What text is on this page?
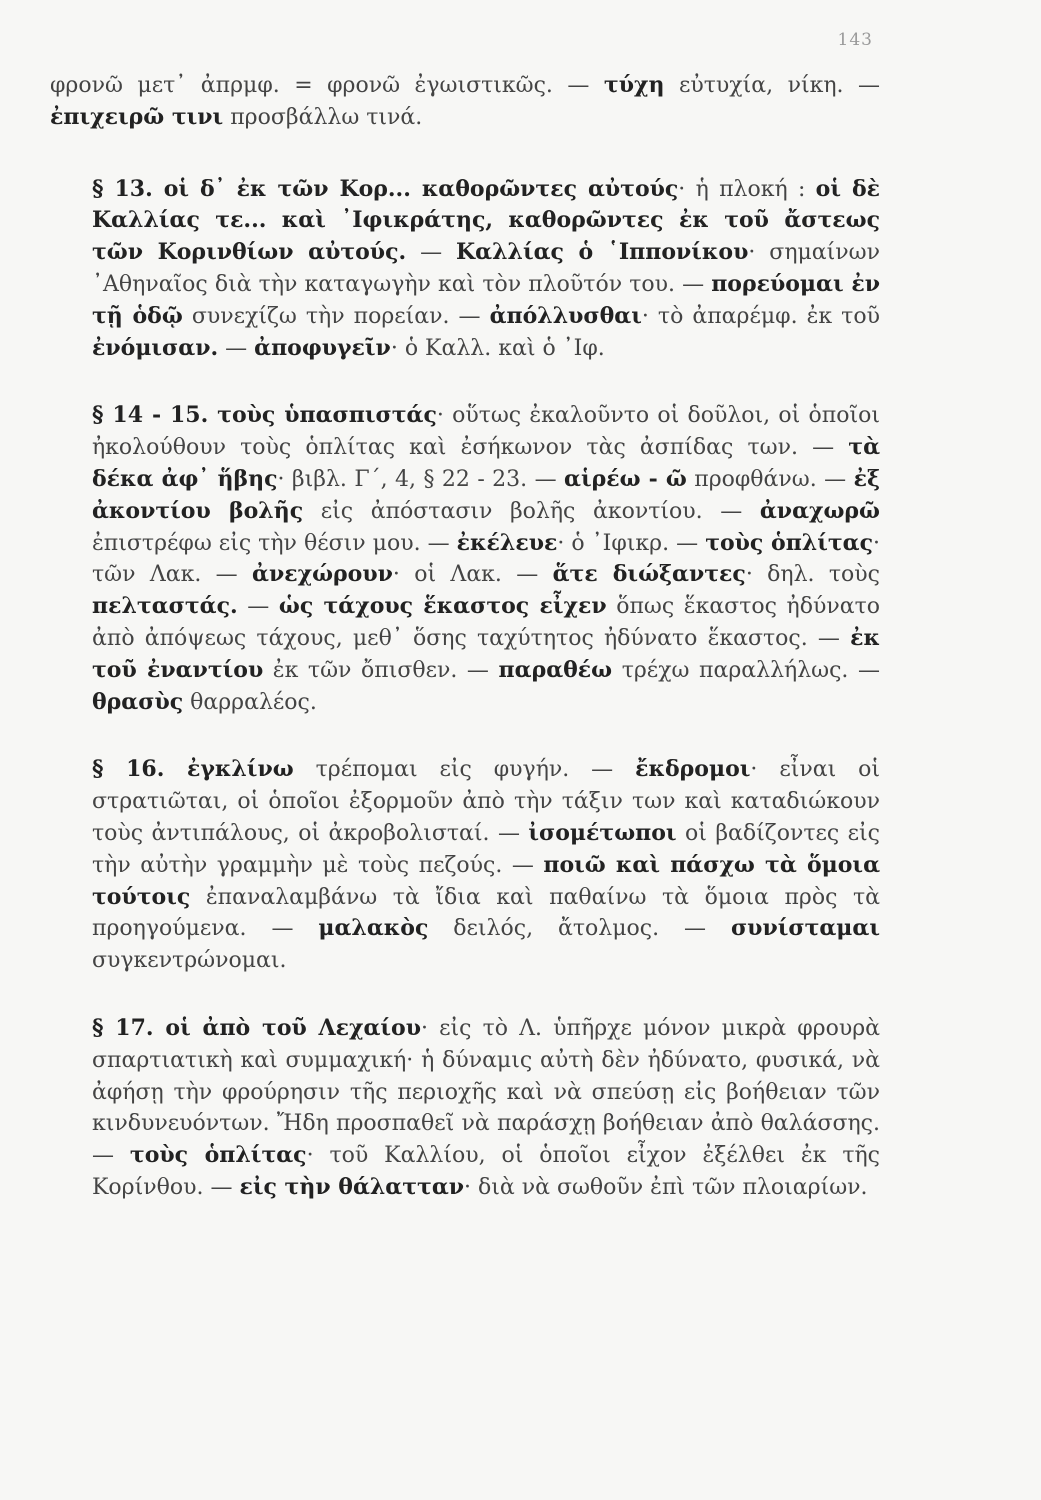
143

φρονῶ μετ᾿ ἀπρμφ. = φρονῶ ἐγωιστικῶς. — τύχη εὐτυχία, νίκη. — ἐπιχειρῶ τινι προσβάλλω τινά.

§ 13. οἱ δ᾿ ἐκ τῶν Κορ... καθορῶντες αὐτούς· ἡ πλοκή : οἱ δὲ Καλλίας τε... καὶ ᾿Ιφικράτης, καθορῶντες ἐκ τοῦ ἄστεως τῶν Κορινθίων αὐτούς. — Καλλίας ὁ ῾Ιππονίκου· σημαίνων ᾿Αθηναῖος διὰ τὴν καταγωγὴν καὶ τὸν πλοῦτόν του. — πορεύομαι ἐν τῇ ὁδῷ συνεχίζω τὴν πορείαν. — ἀπόλλυσθαι· τὸ ἀπαρέμφ. ἐκ τοῦ ἐνόμισαν. — ἀποφυγεῖν· ὁ Καλλ. καὶ ὁ ᾿Ιφ.

§ 14 - 15. τοὺς ὑπασπιστάς· οὕτως ἐκαλοῦντο οἱ δοῦλοι, οἱ ὁποῖοι ἠκολούθουν τοὺς ὁπλίτας καὶ ἐσήκωνον τὰς ἀσπίδας των. — τὰ δέκα ἀφ᾿ ἥβης· βιβλ. Γ΄, 4, § 22 - 23. — αἱρέω - ῶ προφθάνω. — ἐξ ἀκοντίου βολῆς εἰς ἀπόστασιν βολῆς ἀκοντίου. — ἀναχωρῶ ἐπιστρέφω εἰς τὴν θέσιν μου. — ἐκέλευε· ὁ ᾿Ιφικρ. — τοὺς ὁπλίτας· τῶν Λακ. — ἀνεχώρουν· οἱ Λακ. — ἅτε διώξαντες· δηλ. τοὺς πελταστάς. — ὡς τάχους ἕκαστος εἶχεν ὅπως ἕκαστος ἠδύνατο ἀπὸ ἀπόψεως τάχους, μεθ᾿ ὅσης ταχύτητος ἠδύνατο ἕκαστος. — ἐκ τοῦ ἐναντίου ἐκ τῶν ὄπισθεν. — παραθέω τρέχω παραλλήλως. — θρασὺς θαρραλέος.

§ 16. ἐγκλίνω τρέπομαι εἰς φυγήν. — ἔκδρομοι· εἶναι οἱ στρατιῶται, οἱ ὁποῖοι ἐξορμοῦν ἀπὸ τὴν τάξιν των καὶ καταδιώκουν τοὺς ἀντιπάλους, οἱ ἀκροβολισταί. — ἰσομέτωποι οἱ βαδίζοντες εἰς τὴν αὐτὴν γραμμὴν μὲ τοὺς πεζούς. — ποιῶ καὶ πάσχω τὰ ὅμοια τούτοις ἐπαναλαμβάνω τὰ ἴδια καὶ παθαίνω τὰ ὅμοια πρὸς τὰ προηγούμενα. — μαλακὸς δειλός, ἄτολμος. — συνίσταμαι συγκεντρώνομαι.

§ 17. οἱ ἀπὸ τοῦ Λεχαίου· εἰς τὸ Λ. ὑπῆρχε μόνον μικρὰ φρουρὰ σπαρτιατικὴ καὶ συμμαχική· ἡ δύναμις αὐτὴ δὲν ἠδύνατο, φυσικά, νὰ ἀφήσῃ τὴν φρούρησιν τῆς περιοχῆς καὶ νὰ σπεύσῃ εἰς βοήθειαν τῶν κινδυνευόντων. Ἤδη προσπαθεῖ νὰ παράσχῃ βοήθειαν ἀπὸ θαλάσσης. — τοὺς ὁπλίτας· τοῦ Καλλίου, οἱ ὁποῖοι εἶχον ἐξέλθει ἐκ τῆς Κορίνθου. — εἰς τὴν θάλατταν· διὰ νὰ σωθοῦν ἐπὶ τῶν πλοιαρίων.
